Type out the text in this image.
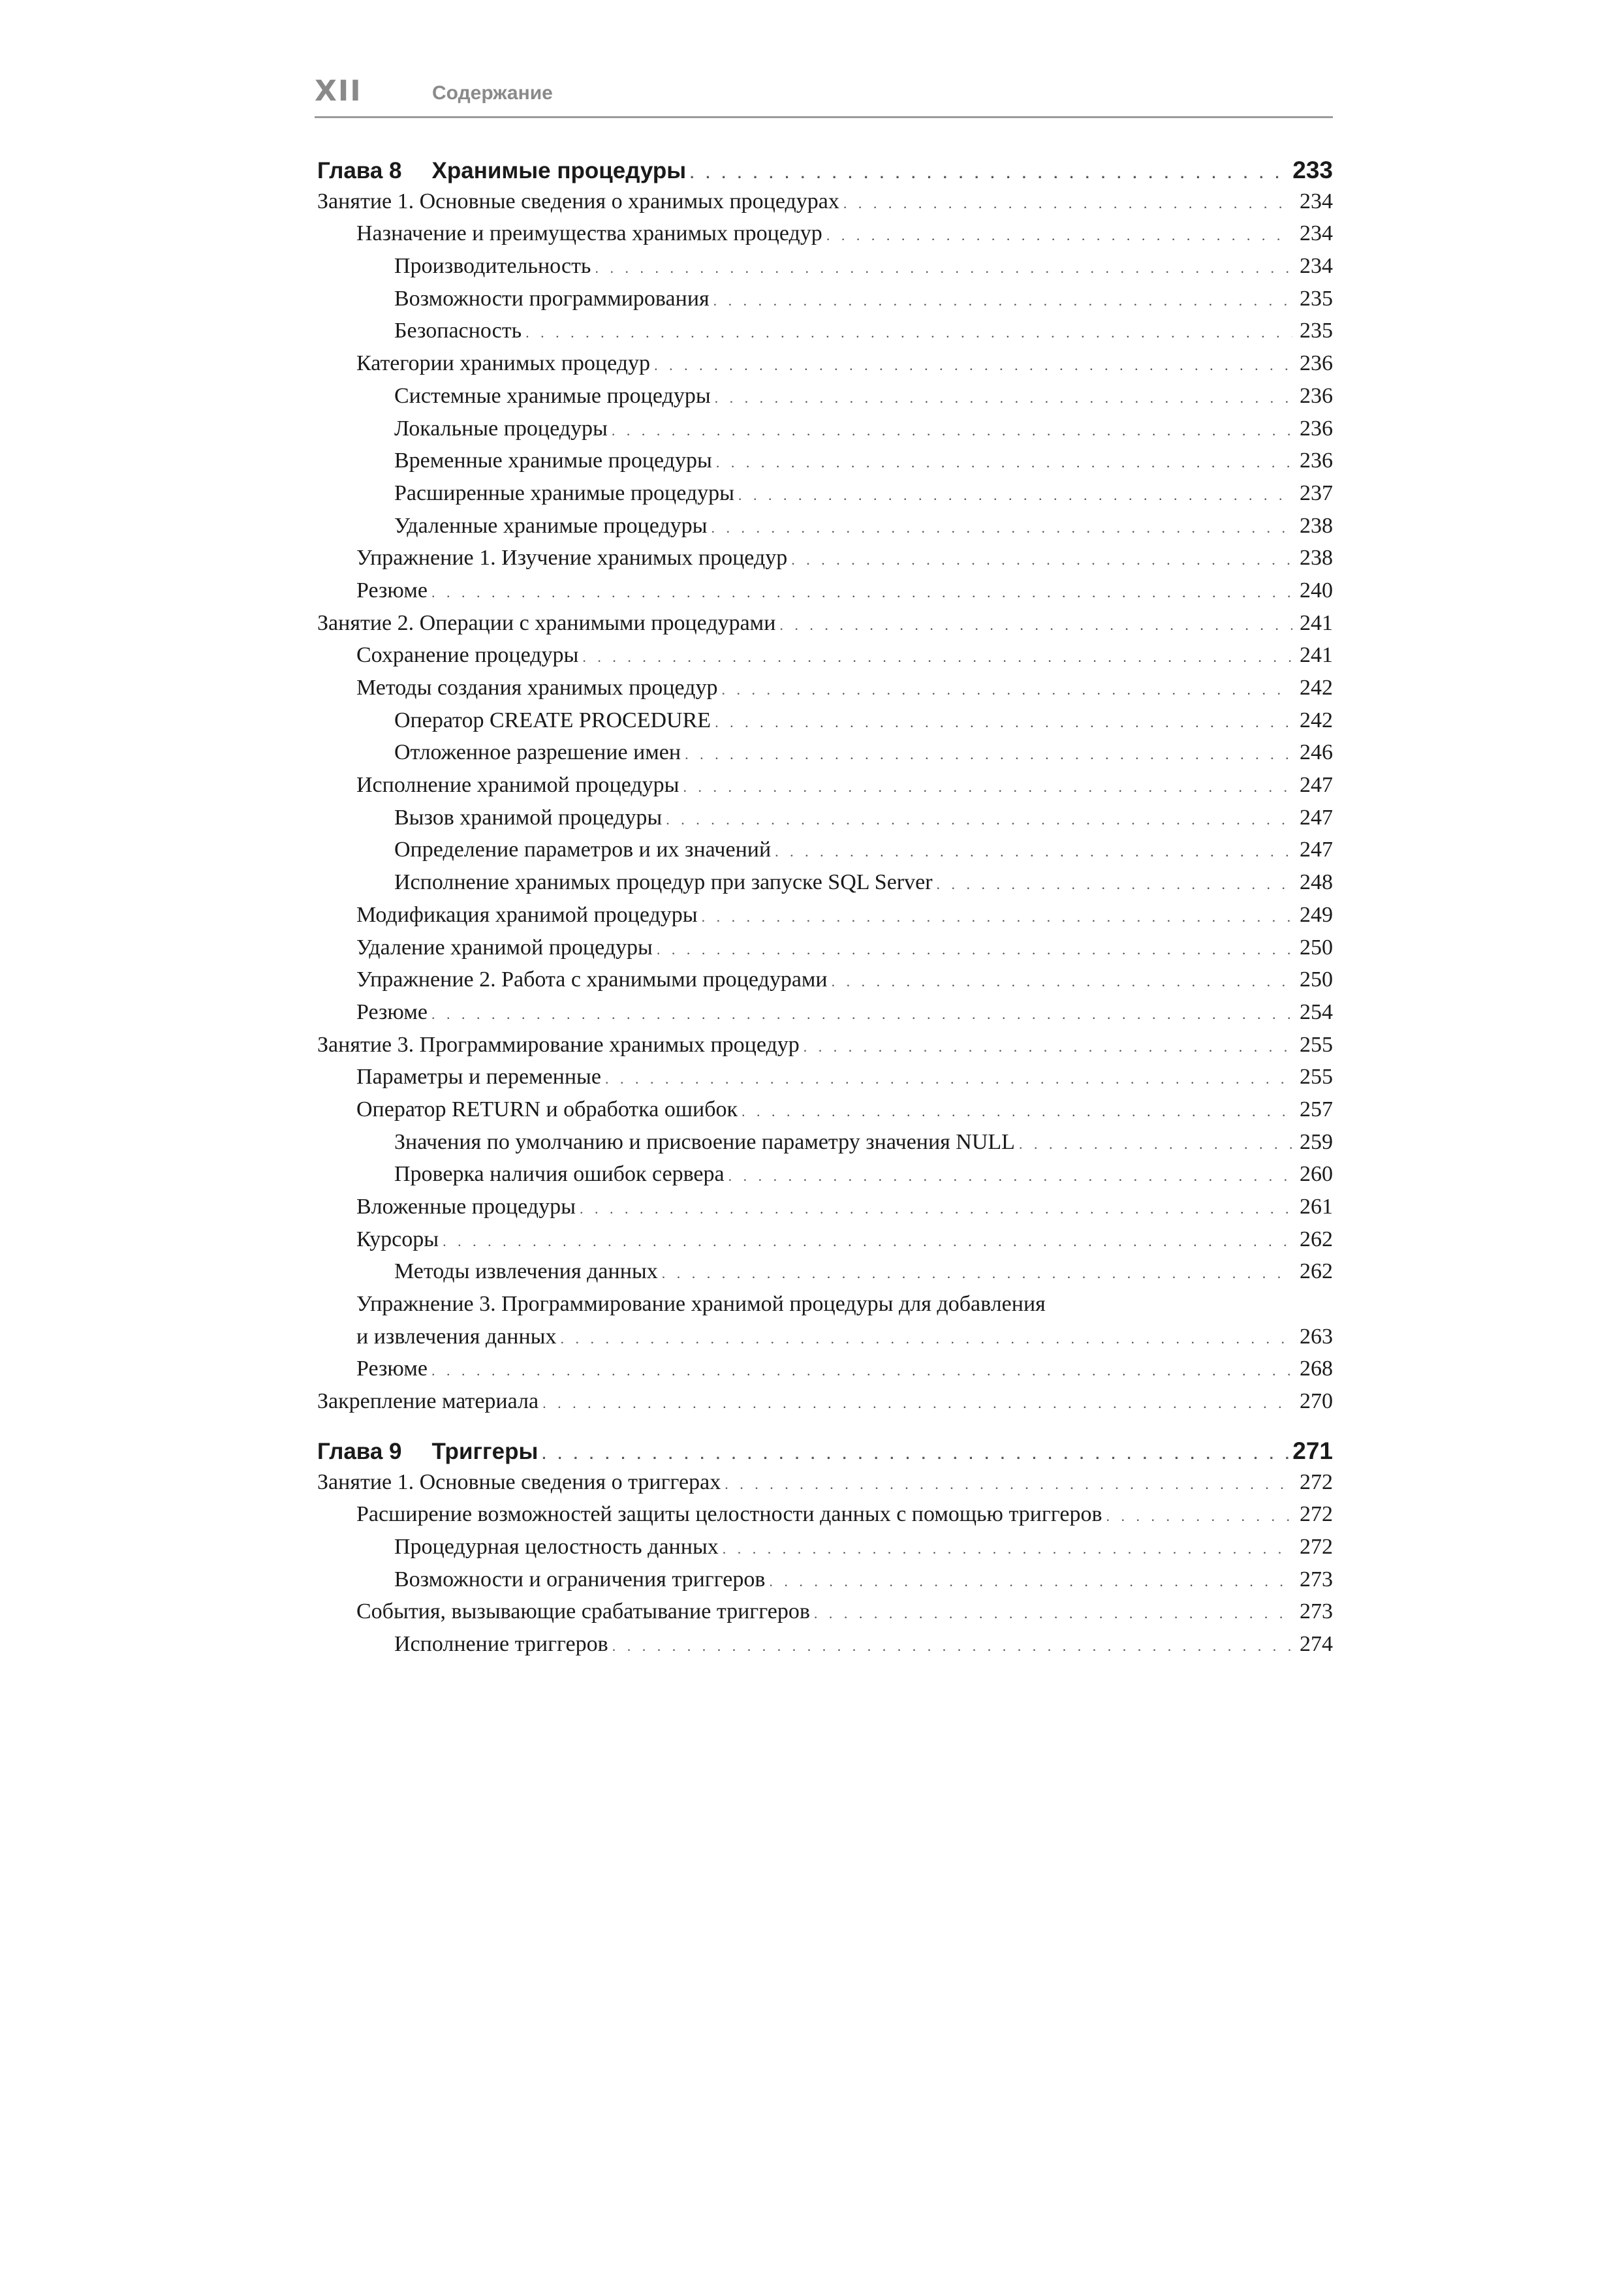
XII	Содержание
Глава 8 Хранимые процедуры . . .	233
Занятие 1. Основные сведения о хранимых процедурах . . .	234
Назначение и преимущества хранимых процедур . . .	234
Производительность . . .	234
Возможности программирования . . .	235
Безопасность . . .	235
Категории хранимых процедур . . .	236
Системные хранимые процедуры . . .	236
Локальные процедуры . . .	236
Временные хранимые процедуры . . .	236
Расширенные хранимые процедуры . . .	237
Удаленные хранимые процедуры . . .	238
Упражнение 1. Изучение хранимых процедур . . .	238
Резюме . . .	240
Занятие 2. Операции с хранимыми процедурами . . .	241
Сохранение процедуры . . .	241
Методы создания хранимых процедур . . .	242
Оператор CREATE PROCEDURE . . .	242
Отложенное разрешение имен . . .	246
Исполнение хранимой процедуры . . .	247
Вызов хранимой процедуры . . .	247
Определение параметров и их значений . . .	247
Исполнение хранимых процедур при запуске SQL Server . . .	248
Модификация хранимой процедуры . . .	249
Удаление хранимой процедуры . . .	250
Упражнение 2. Работа с хранимыми процедурами . . .	250
Резюме . . .	254
Занятие 3. Программирование хранимых процедур . . .	255
Параметры и переменные . . .	255
Оператор RETURN и обработка ошибок . . .	257
Значения по умолчанию и присвоение параметру значения NULL . . .	259
Проверка наличия ошибок сервера . . .	260
Вложенные процедуры . . .	261
Курсоры . . .	262
Методы извлечения данных . . .	262
Упражнение 3. Программирование хранимой процедуры для добавления
и извлечения данных . . .	263
Резюме . . .	268
Закрепление материала . . .	270
Глава 9 Триггеры . . .	271
Занятие 1. Основные сведения о триггерах . . .	272
Расширение возможностей защиты целостности данных с помощью триггеров . . .	272
Процедурная целостность данных . . .	272
Возможности и ограничения триггеров . . .	273
События, вызывающие срабатывание триггеров . . .	273
Исполнение триггеров . . .	274
